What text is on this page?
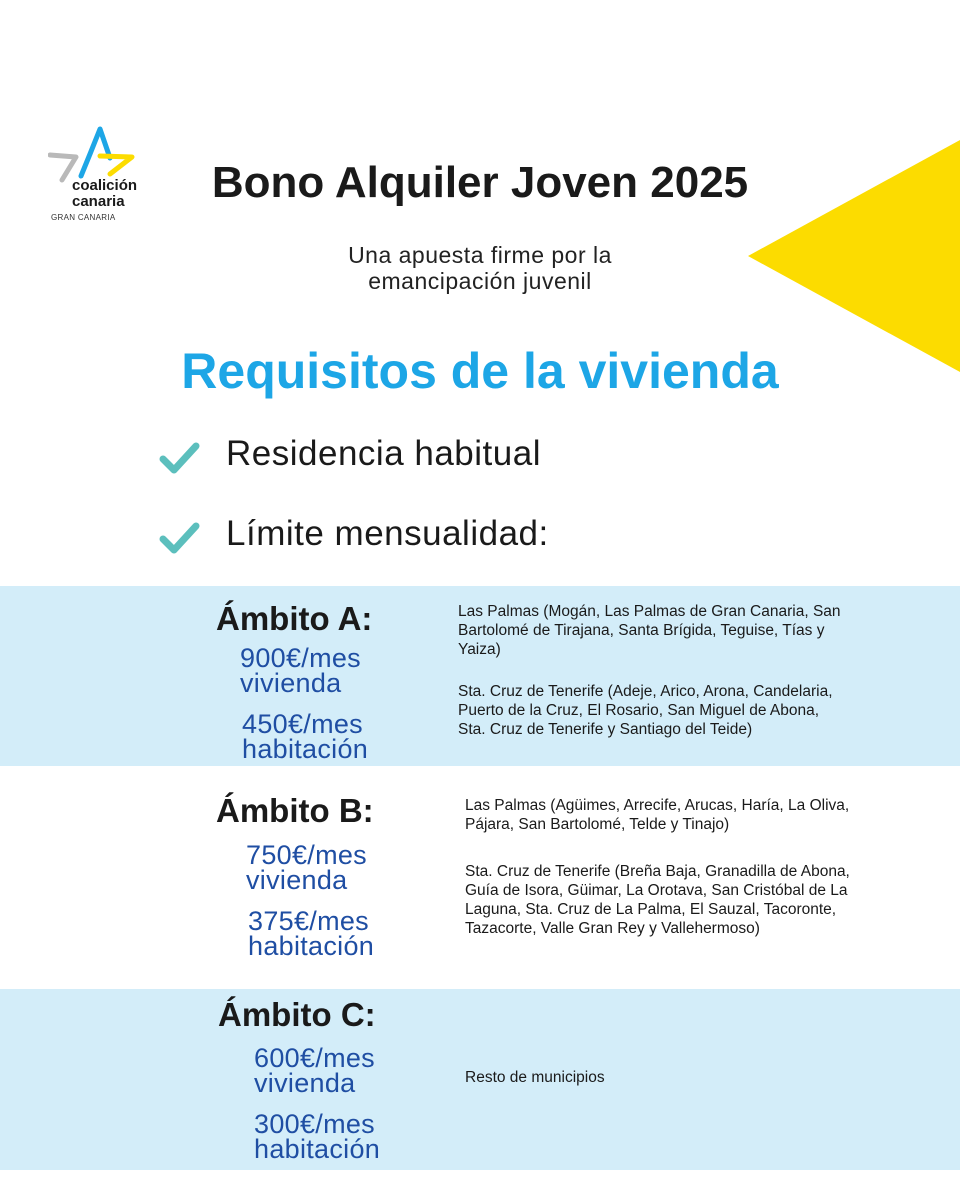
coalición
canaria
GRAN CANARIA
Bono Alquiler Joven 2025
Una apuesta firme por la
emancipación juvenil
Requisitos de la vivienda
Residencia habitual
Límite mensualidad:
Ámbito A:
900€/mes
vivienda
450€/mes
habitación
Las Palmas (Mogán, Las Palmas de Gran Canaria, San Bartolomé de Tirajana, Santa Brígida, Teguise, Tías y Yaiza)
Sta. Cruz de Tenerife (Adeje, Arico, Arona, Candelaria, Puerto de la Cruz, El Rosario, San Miguel de Abona, Sta. Cruz de Tenerife y Santiago del Teide)
Ámbito B:
750€/mes
vivienda
375€/mes
habitación
Las Palmas (Agüimes, Arrecife, Arucas, Haría, La Oliva, Pájara, San Bartolomé, Telde y Tinajo)
Sta. Cruz de Tenerife (Breña Baja, Granadilla de Abona, Guía de Isora, Güimar, La Orotava, San Cristóbal de La Laguna, Sta. Cruz de La Palma, El Sauzal, Tacoronte, Tazacorte, Valle Gran Rey y Vallehermoso)
Ámbito C:
600€/mes
vivienda
300€/mes
habitación
Resto de municipios
